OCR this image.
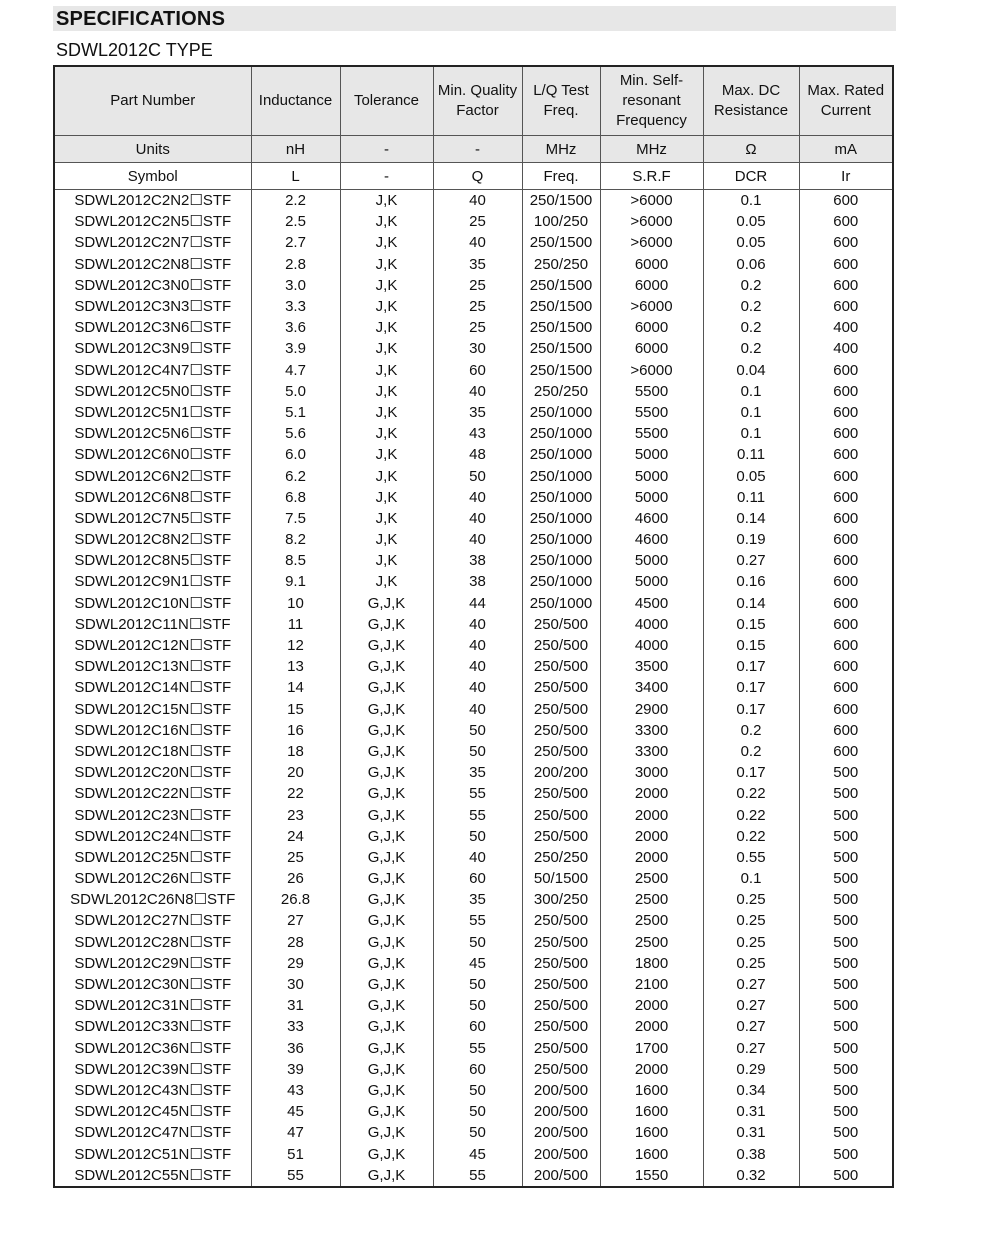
SPECIFICATIONS
SDWL2012C TYPE
Part Number	Inductance	Tolerance	Min. Quality Factor	L/Q Test Freq.	Min. Self-resonant Frequency	Max. DC Resistance	Max. Rated Current
Units	nH	-	-	MHz	MHz	Ω	mA
Symbol	L	-	Q	Freq.	S.R.F	DCR	Ir
SDWL2012C2N2☐STF	2.2	J,K	40	250/1500	>6000	0.1	600
SDWL2012C2N5☐STF	2.5	J,K	25	100/250	>6000	0.05	600
SDWL2012C2N7☐STF	2.7	J,K	40	250/1500	>6000	0.05	600
SDWL2012C2N8☐STF	2.8	J,K	35	250/250	6000	0.06	600
SDWL2012C3N0☐STF	3.0	J,K	25	250/1500	6000	0.2	600
SDWL2012C3N3☐STF	3.3	J,K	25	250/1500	>6000	0.2	600
SDWL2012C3N6☐STF	3.6	J,K	25	250/1500	6000	0.2	400
SDWL2012C3N9☐STF	3.9	J,K	30	250/1500	6000	0.2	400
SDWL2012C4N7☐STF	4.7	J,K	60	250/1500	>6000	0.04	600
SDWL2012C5N0☐STF	5.0	J,K	40	250/250	5500	0.1	600
SDWL2012C5N1☐STF	5.1	J,K	35	250/1000	5500	0.1	600
SDWL2012C5N6☐STF	5.6	J,K	43	250/1000	5500	0.1	600
SDWL2012C6N0☐STF	6.0	J,K	48	250/1000	5000	0.11	600
SDWL2012C6N2☐STF	6.2	J,K	50	250/1000	5000	0.05	600
SDWL2012C6N8☐STF	6.8	J,K	40	250/1000	5000	0.11	600
SDWL2012C7N5☐STF	7.5	J,K	40	250/1000	4600	0.14	600
SDWL2012C8N2☐STF	8.2	J,K	40	250/1000	4600	0.19	600
SDWL2012C8N5☐STF	8.5	J,K	38	250/1000	5000	0.27	600
SDWL2012C9N1☐STF	9.1	J,K	38	250/1000	5000	0.16	600
SDWL2012C10N☐STF	10	G,J,K	44	250/1000	4500	0.14	600
SDWL2012C11N☐STF	11	G,J,K	40	250/500	4000	0.15	600
SDWL2012C12N☐STF	12	G,J,K	40	250/500	4000	0.15	600
SDWL2012C13N☐STF	13	G,J,K	40	250/500	3500	0.17	600
SDWL2012C14N☐STF	14	G,J,K	40	250/500	3400	0.17	600
SDWL2012C15N☐STF	15	G,J,K	40	250/500	2900	0.17	600
SDWL2012C16N☐STF	16	G,J,K	50	250/500	3300	0.2	600
SDWL2012C18N☐STF	18	G,J,K	50	250/500	3300	0.2	600
SDWL2012C20N☐STF	20	G,J,K	35	200/200	3000	0.17	500
SDWL2012C22N☐STF	22	G,J,K	55	250/500	2000	0.22	500
SDWL2012C23N☐STF	23	G,J,K	55	250/500	2000	0.22	500
SDWL2012C24N☐STF	24	G,J,K	50	250/500	2000	0.22	500
SDWL2012C25N☐STF	25	G,J,K	40	250/250	2000	0.55	500
SDWL2012C26N☐STF	26	G,J,K	60	50/1500	2500	0.1	500
SDWL2012C26N8☐STF	26.8	G,J,K	35	300/250	2500	0.25	500
SDWL2012C27N☐STF	27	G,J,K	55	250/500	2500	0.25	500
SDWL2012C28N☐STF	28	G,J,K	50	250/500	2500	0.25	500
SDWL2012C29N☐STF	29	G,J,K	45	250/500	1800	0.25	500
SDWL2012C30N☐STF	30	G,J,K	50	250/500	2100	0.27	500
SDWL2012C31N☐STF	31	G,J,K	50	250/500	2000	0.27	500
SDWL2012C33N☐STF	33	G,J,K	60	250/500	2000	0.27	500
SDWL2012C36N☐STF	36	G,J,K	55	250/500	1700	0.27	500
SDWL2012C39N☐STF	39	G,J,K	60	250/500	2000	0.29	500
SDWL2012C43N☐STF	43	G,J,K	50	200/500	1600	0.34	500
SDWL2012C45N☐STF	45	G,J,K	50	200/500	1600	0.31	500
SDWL2012C47N☐STF	47	G,J,K	50	200/500	1600	0.31	500
SDWL2012C51N☐STF	51	G,J,K	45	200/500	1600	0.38	500
SDWL2012C55N☐STF	55	G,J,K	55	200/500	1550	0.32	500
